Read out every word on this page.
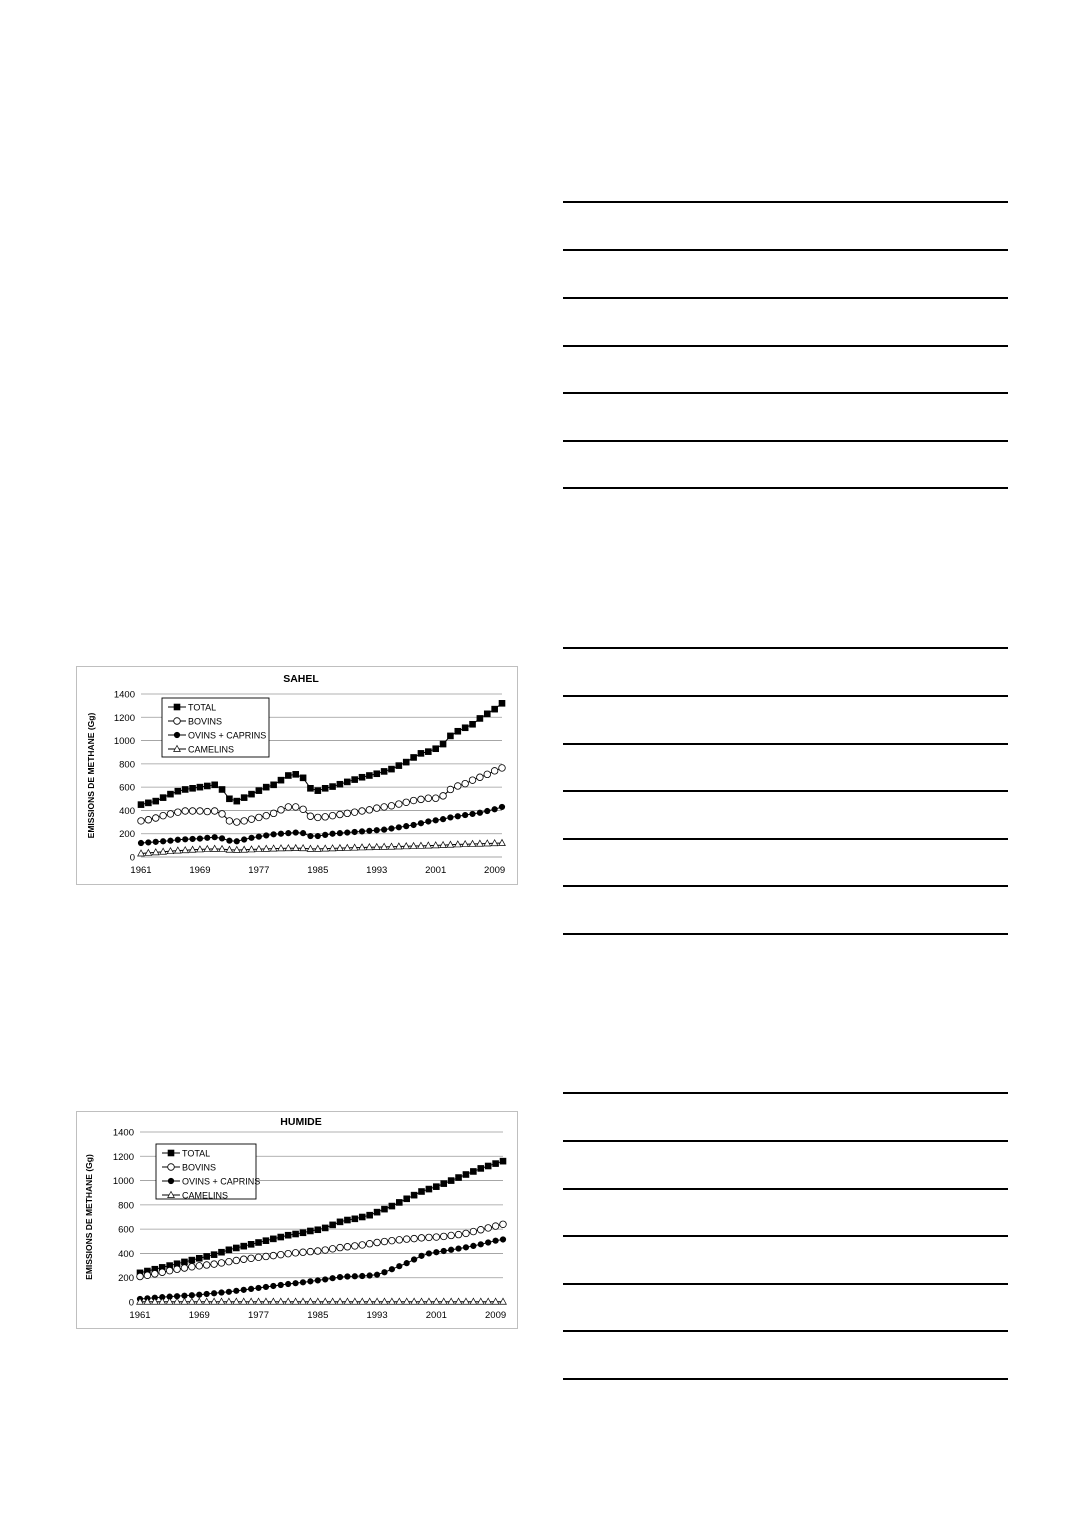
SAHEL
0
200
400
600
800
1000
1200
1400
EMISSIONS DE METHANE (Gg)
1961	1969	1977	1985	1993	2001	2009
TOTAL
BOVINS
OVINS + CAPRINS
CAMELINS
HUMIDE
0
200
400
600
800
1000
1200
1400
EMISSIONS DE METHANE (Gg)
1961	1969	1977	1985	1993	2001	2009
TOTAL
BOVINS
OVINS + CAPRINS
CAMELINS
